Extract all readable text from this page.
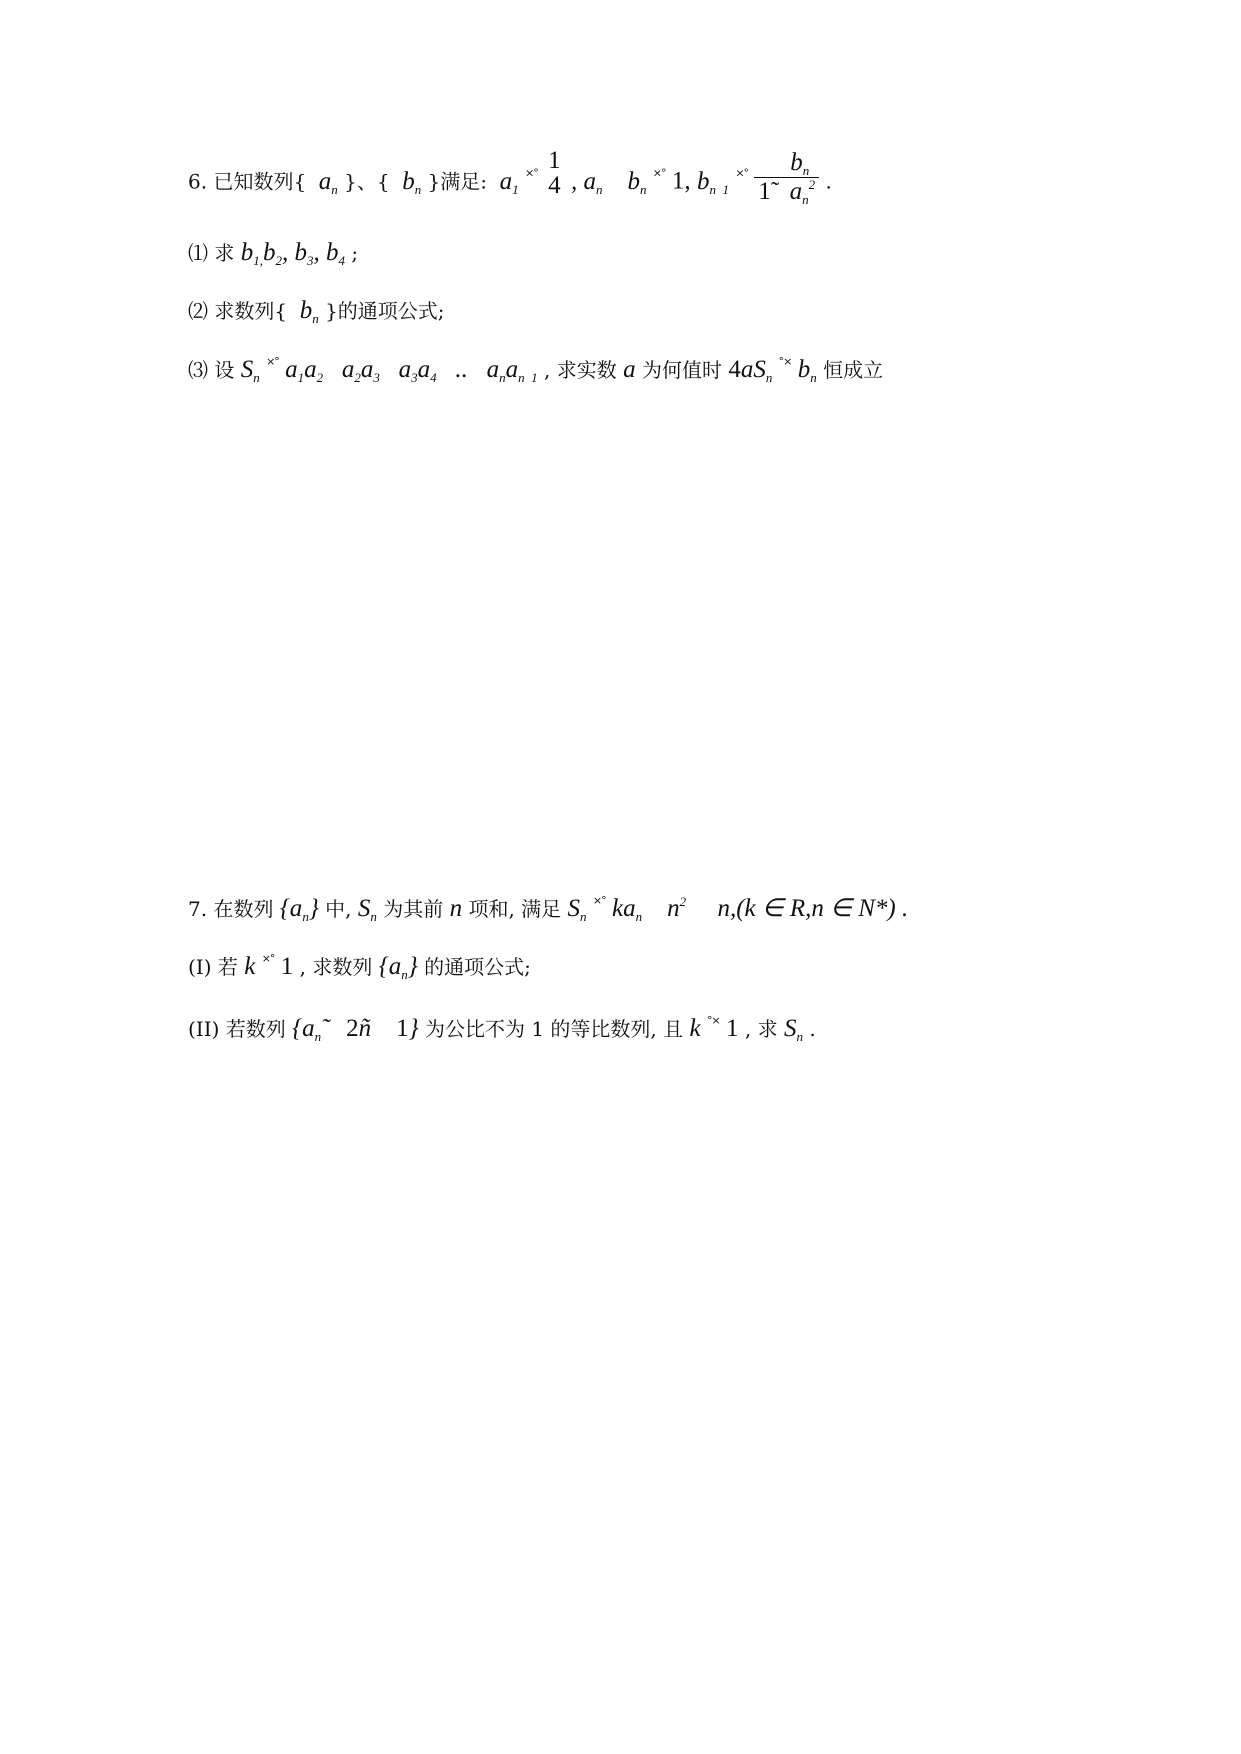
6. 已知数列{  $a_n$ }、{  $b_n$ }满足:  $a_1$ ×° 1
4 , $a_n$    $b_n$ ×° 1, $b_{n 1}$ $^{\times^\circ} \frac{b_n}{1̃ a_n^2}$ .
⑴ 求 $b_{1,}b_2$, $b_3$, $b_4$ ;
⑵ 求数列{  $b_n$ }的通项公式;
⑶ 设 $S_n$ ×° $a_1a_2$   $a_2a_3$   $a_3a_4$   ..   $a_na_{n 1}$ , 求实数 a 为何值时 $4aS_n$ °× $b_n$ 恒成立
7. 在数列 $\{a_n\}$ 中, $S_n$ 为其前 n 项和, 满足 $S_n$ ×° $ka_n$    $n^2$ n,(k ∈ R,n ∈ N*) .
(I) 若 k ×° 1 , 求数列 $\{a_n\}$ 的通项公式;
(II) 若数列 {$a_ñ$    2ñ    1} 为公比不为 1 的等比数列, 且 k °× 1 , 求 $S_n$ .
